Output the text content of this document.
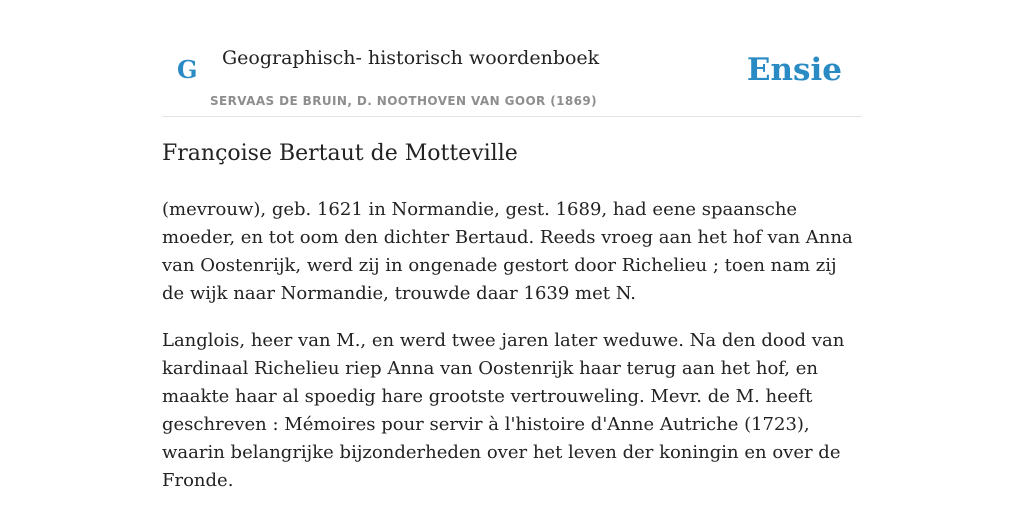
G Geographisch- historisch woordenboek
SERVAAS DE BRUIN, D. NOOTHOVEN VAN GOOR (1869)
Ensie
Françoise Bertaut de Motteville

(mevrouw), geb. 1621 in Normandie, gest. 1689, had eene spaansche moeder, en tot oom den dichter Bertaud. Reeds vroeg aan het hof van Anna van Oostenrijk, werd zij in ongenade gestort door Richelieu ; toen nam zij de wijk naar Normandie, trouwde daar 1639 met N.

Langlois, heer van M., en werd twee jaren later weduwe. Na den dood van kardinaal Richelieu riep Anna van Oostenrijk haar terug aan het hof, en maakte haar al spoedig hare grootste vertrouweling. Mevr. de M. heeft geschreven : Mémoires pour servir à l'histoire d'Anne Autriche (1723), waarin belangrijke bijzonderheden over het leven der koningin en over de Fronde.
